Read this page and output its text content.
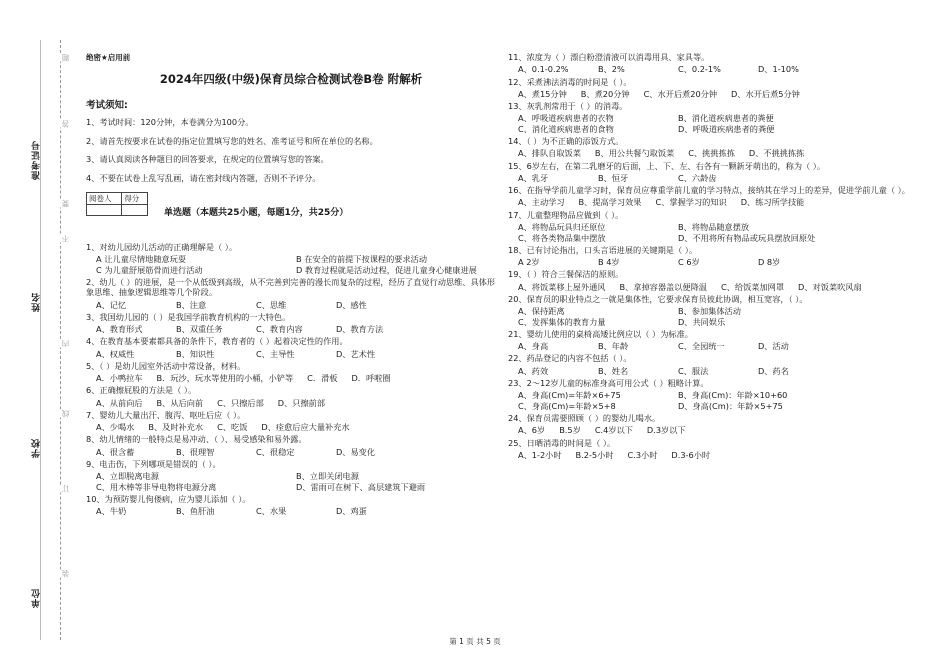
准考证号
姓名
学校
单位
题
答
要
不
内
线
订
装
绝密★启用前
2024年四级(中级)保育员综合检测试卷B卷 附解析
考试须知:
1、考试时间：120分钟，本卷满分为100分。
2、请首先按要求在试卷的指定位置填写您的姓名、准考证号和所在单位的名称。
3、请认真阅读各种题目的回答要求，在规定的位置填写您的答案。
4、不要在试卷上乱写乱画，请在密封线内答题，否则不予评分。
阅卷人	得分

单选题（本题共25小题，每题1分，共25分）
1、对幼儿园幼儿活动的正确理解是（ ）。
A 让儿童尽情地随意玩耍	B 在安全的前提下按课程的要求活动
C 为儿童舒展筋骨而进行活动	D 教育过程就是活动过程，促进儿童身心健康进展
2、幼儿（ ）的进展，是一个从低级到高级，从不完善到完善的漫长而复杂的过程，经历了直觉行动思维、具体形象思维、抽象逻辑思维等几个阶段。
A、记忆	B、注意	C、思维	D、感性
3、我国幼儿园的（ ）是我国学前教育机构的一大特色。
A、教育形式	B、双重任务	C、教育内容	D、教育方法
4、在教育基本要素都具备的条件下，教育者的（ ）起着决定性的作用。
A、权威性	B、知识性	C、主导性	D、艺术性
5、（ ）是幼儿园室外活动中常设备，材料。
A．小鸭拉车 B．玩沙，玩水等使用的小桶，小铲等 C．滑板 D．呼啦圈
6、正确擦屁股的方法是（ ）。
A、从前向后 B、从后向前 C、只擦后部 D、只擦前部
7、婴幼儿大量出汗、腹泻、呕吐后应（ ）。
A、少喝水 B、及时补充水 C、吃饭 D、痊愈后应大量补充水
8、幼儿情绪的一般特点是易冲动、（ ）、易受感染和易外露。
A、很含蓄	B、很理智	C、很稳定	D、易变化
9、电击伤，下列哪项是错误的（ ）。
A、立即脱离电源	B、立即关闭电源
C、用木棒等非导电物将电源分离	D、雷雨可在树下、高层建筑下避雨
10、为预防婴儿佝偻病，应为婴儿添加（ ）。
A、牛奶	B、鱼肝油	C、水果	D、鸡蛋
11、浓度为（ ）漂白粉澄清液可以消毒用具、家具等。
A、0.1-0.2%	B、2%	C、0.2-1%	D、1-10%
12、采煮沸法消毒的时间是（ ）。
A、煮15分钟 B、煮20分钟 C、水开后煮20分钟 D、水开后煮5分钟
13、灰乳剂常用于（ ）的消毒。
A、呼吸道疾病患者的衣物	B、消化道疾病患者的粪便
C、消化道疾病患者的食物	D、呼吸道疾病患者的粪便
14、（ ）为不正确的添饭方式。
A、排队自取饭菜 B、用公共餐勺取饭菜 C、挑挑拣拣 D、不挑挑拣拣
15、6岁左右，在第二乳磨牙的后面，上、下、左、右各有一颗新牙萌出的，称为（ ）。
A、乳牙	B、恒牙	C、六龄齿
16、在指导学前儿童学习时，保育员应尊重学前儿童的学习特点，接纳其在学习上的差异，促进学前儿童（ ）。
A、主动学习 B、提高学习效果 C、掌握学习的知识 D、练习所学技能
17、儿童整理物品应做到（ ）。
A、将物品玩具归还原位	B、将物品随意摆放
C、将各类物品集中摆放	D、不用将所有物品或玩具摆放回原处
18、已有讨论指出，口头言语进展的关键期是（ ）。
A 2岁	B 4岁	C 6岁	D 8岁
19、（ ）符合三餐保洁的原则。
A、将饭菜移上屋外通风 B、拿掉容器盖以便降温 C、给饭菜加网罩 D、对饭菜吹风扇
20、保育员的职业特点之一就是集体性，它要求保育员彼此协调，相互宽容，（ ）。
A、保持距离	B、参加集体活动
C、发挥集体的教育力量	D、共同娱乐
21、婴幼儿使用的桌椅高矮比例应以（ ）为标准。
A、身高	B、年龄	C、全园统一	D、活动
22、药品登记的内容不包括（ ）。
A、药效	B、姓名	C、服法	D、药名
23、2～12岁儿童的标准身高可用公式（ ）粗略计算。
A、身高(Cm)=年龄×6+75	B、身高(Cm)：年龄×10+60
C、身高(Cm)=年龄×5+8	D、身高(Cm)：年龄×5+75
24、保育员需要照顾（ ）的婴幼儿喝水。
A、6岁 B.5岁 C.4岁以下 D.3岁以下
25、日晒消毒的时间是（ ）。
A、1-2小时 B.2-5小时 C.3小时 D.3-6小时
第 1 页 共 5 页
